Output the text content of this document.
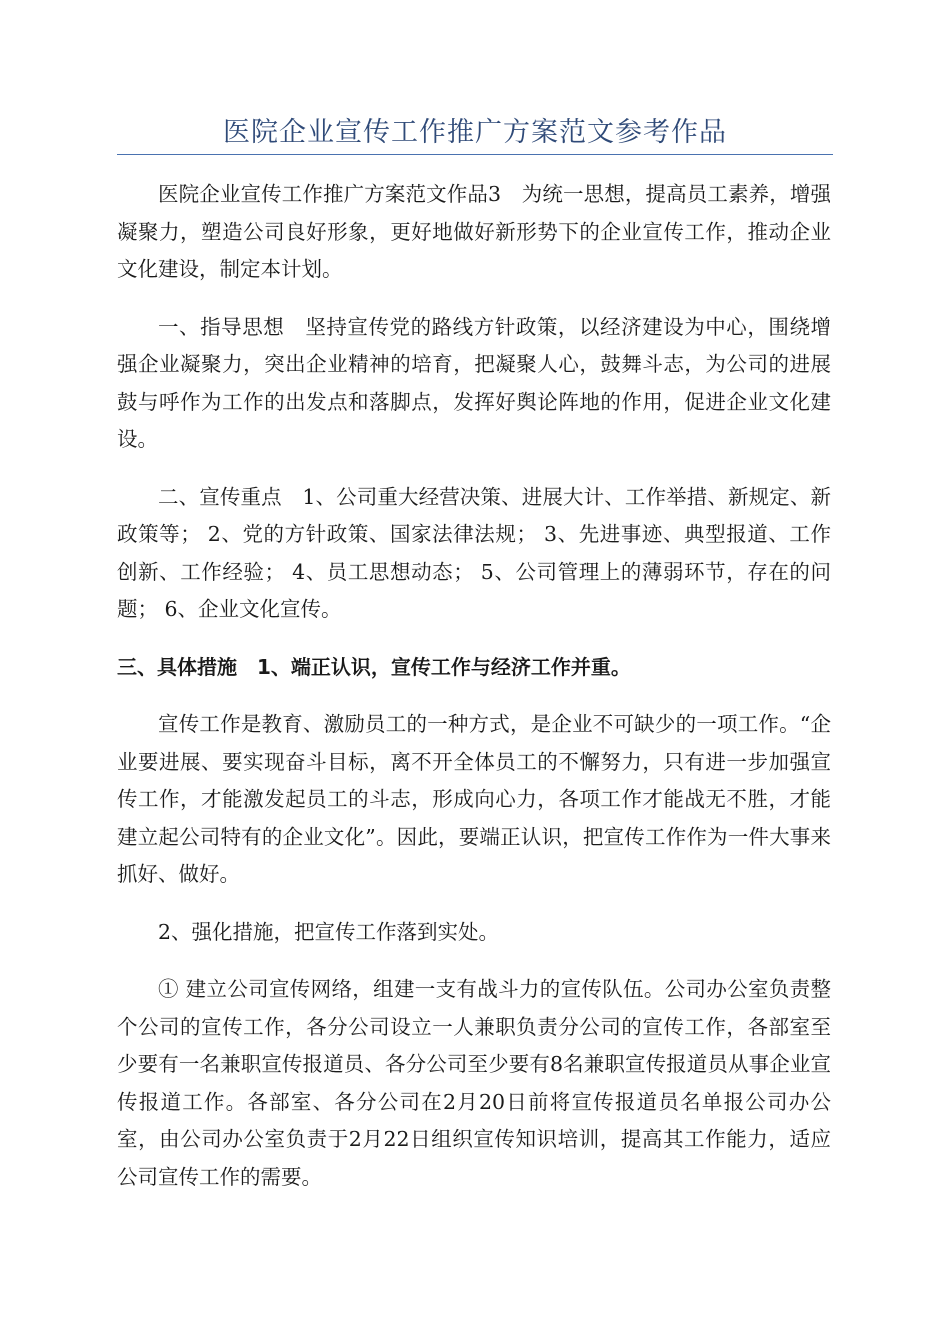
医院企业宣传工作推广方案范文参考作品

医院企业宣传工作推广方案范文作品3　为统一思想，提高员工素养，增强凝聚力，塑造公司良好形象，更好地做好新形势下的企业宣传工作，推动企业文化建设，制定本计划。

一、指导思想　坚持宣传党的路线方针政策，以经济建设为中心，围绕增强企业凝聚力，突出企业精神的培育，把凝聚人心，鼓舞斗志，为公司的进展鼓与呼作为工作的出发点和落脚点，发挥好舆论阵地的作用，促进企业文化建设。

二、宣传重点　1、公司重大经营决策、进展大计、工作举措、新规定、新政策等； 2、党的方针政策、国家法律法规； 3、先进事迹、典型报道、工作创新、工作经验； 4、员工思想动态； 5、公司管理上的薄弱环节，存在的问题； 6、企业文化宣传。

三、具体措施　1、端正认识，宣传工作与经济工作并重。

宣传工作是教育、激励员工的一种方式，是企业不可缺少的一项工作。“企业要进展、要实现奋斗目标，离不开全体员工的不懈努力，只有进一步加强宣传工作，才能激发起员工的斗志，形成向心力，各项工作才能战无不胜，才能建立起公司特有的企业文化”。因此，要端正认识，把宣传工作作为一件大事来抓好、做好。

2、强化措施，把宣传工作落到实处。

① 建立公司宣传网络，组建一支有战斗力的宣传队伍。公司办公室负责整个公司的宣传工作，各分公司设立一人兼职负责分公司的宣传工作，各部室至少要有一名兼职宣传报道员、各分公司至少要有8名兼职宣传报道员从事企业宣传报道工作。各部室、各分公司在2月20日前将宣传报道员名单报公司办公室，由公司办公室负责于2月22日组织宣传知识培训，提高其工作能力，适应公司宣传工作的需要。
